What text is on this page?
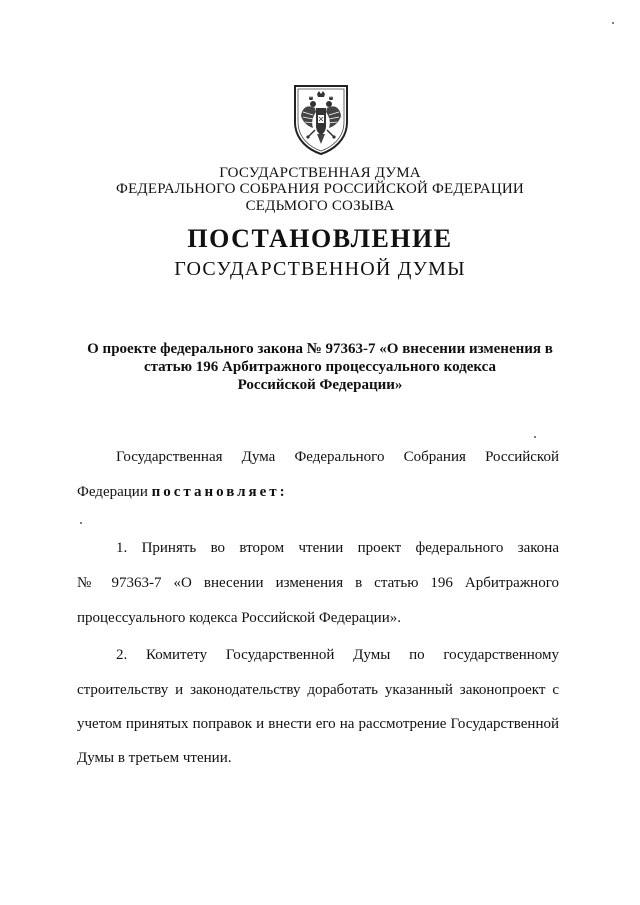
ГОСУДАРСТВЕННАЯ ДУМА
ФЕДЕРАЛЬНОГО СОБРАНИЯ РОССИЙСКОЙ ФЕДЕРАЦИИ
СЕДЬМОГО СОЗЫВА
ПОСТАНОВЛЕНИЕ
ГОСУДАРСТВЕННОЙ ДУМЫ
О проекте федерального закона № 97363-7 «О внесении изменения в
статью 196 Арбитражного процессуального кодекса
Российской Федерации»
Государственная Дума Федерального Собрания Российской
Федерации постановляет:
1. Принять во втором чтении проект федерального закона
№ 97363-7 «О внесении изменения в статью 196 Арбитражного
процессуального кодекса Российской Федерации».
2. Комитету Государственной Думы по государственному
строительству и законодательству доработать указанный законопроект с
учетом принятых поправок и внести его на рассмотрение Государственной
Думы в третьем чтении.
